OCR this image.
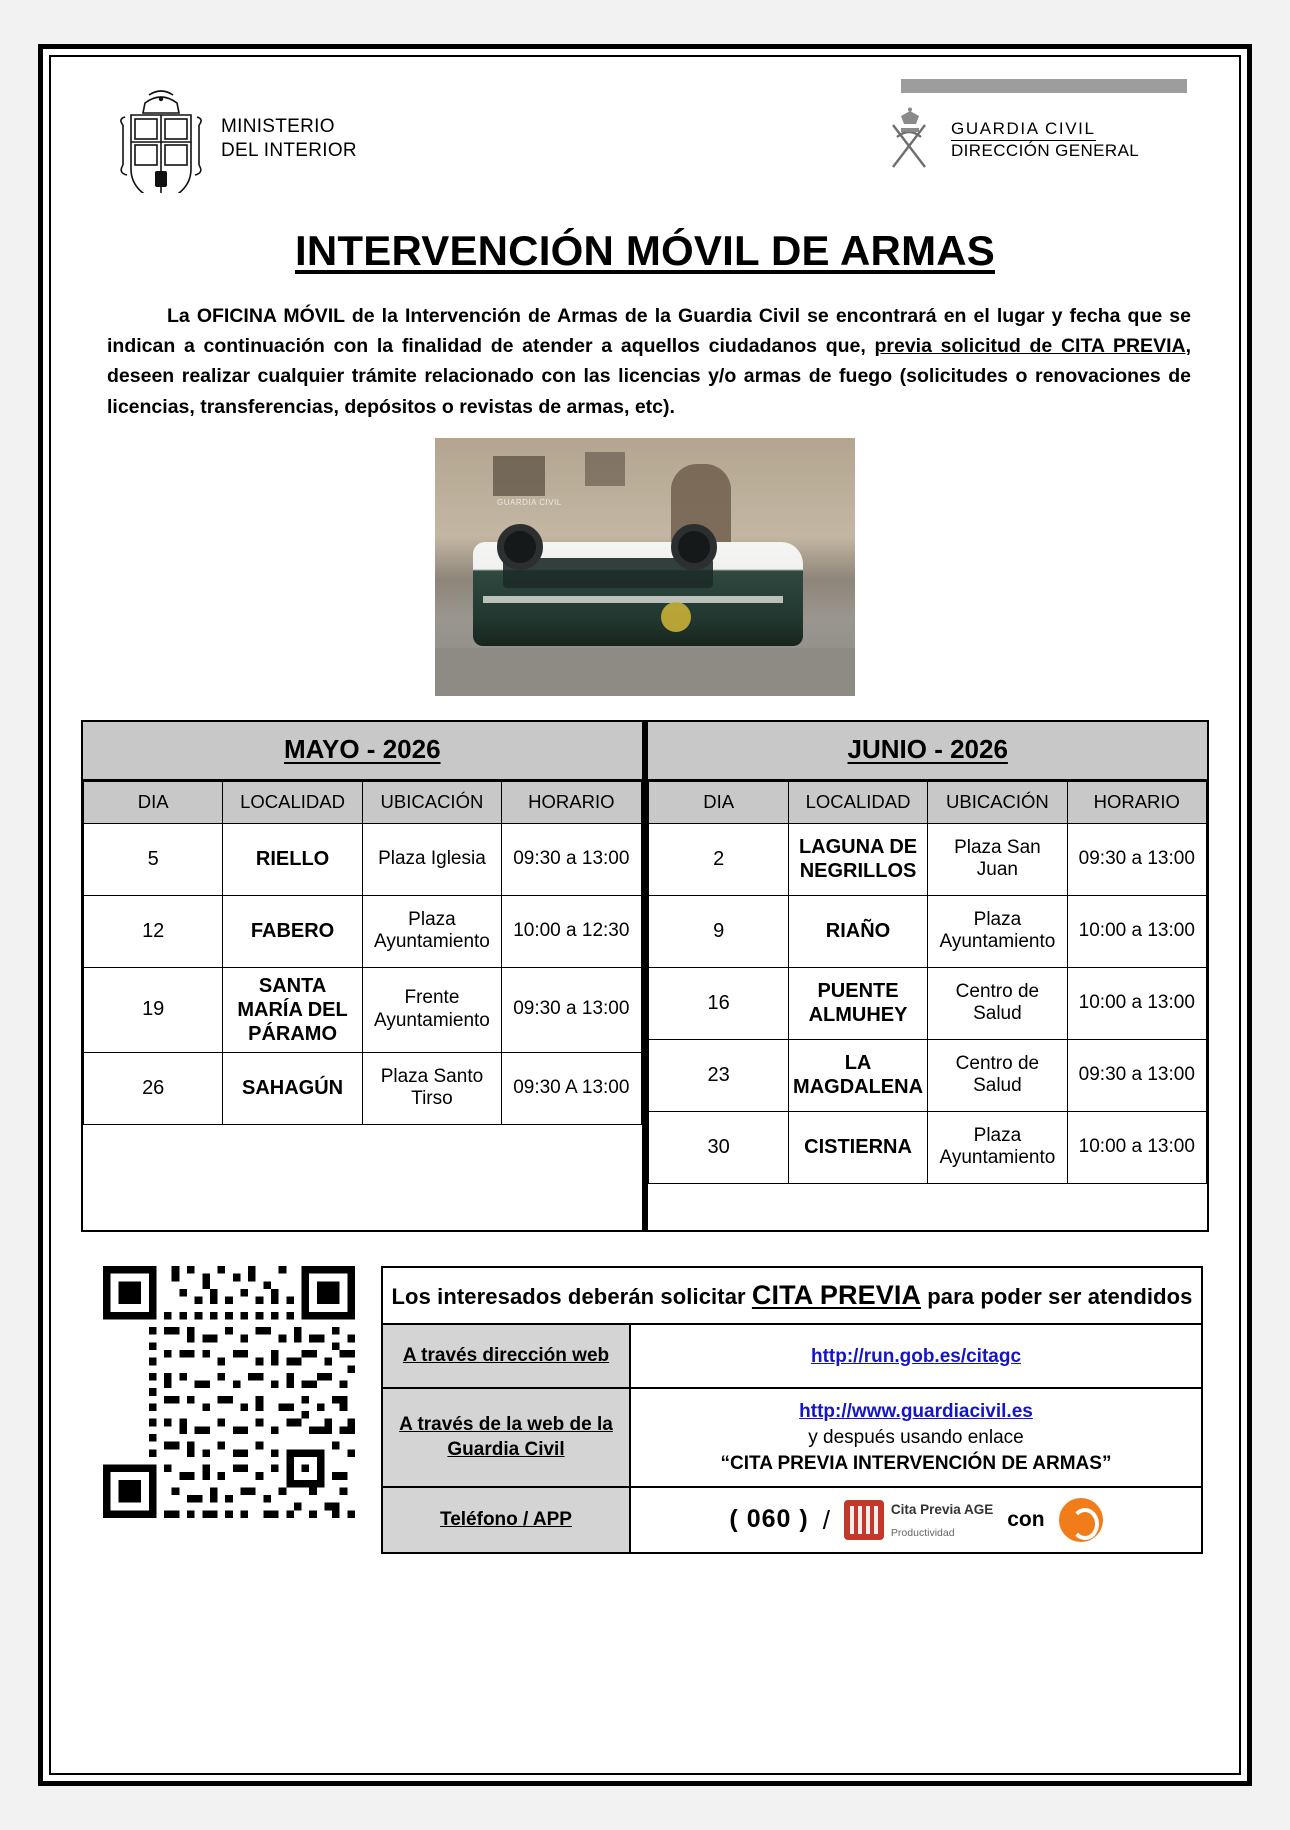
MINISTERIO
DEL INTERIOR
GUARDIA CIVIL
DIRECCIÓN GENERAL
INTERVENCIÓN MÓVIL DE ARMAS

La OFICINA MÓVIL de la Intervención de Armas de la Guardia Civil se encontrará en el lugar y fecha que se indican a continuación con la finalidad de atender a aquellos ciudadanos que, previa solicitud de CITA PREVIA, deseen realizar cualquier trámite relacionado con las licencias y/o armas de fuego (solicitudes o renovaciones de licencias, transferencias, depósitos o revistas de armas, etc).

GUARDIA CIVIL
MAYO - 2026
DIA	LOCALIDAD	UBICACIÓN	HORARIO
5	RIELLO	Plaza Iglesia	09:30 a 13:00
12	FABERO	Plaza Ayuntamiento	10:00 a 12:30
19	SANTA MARÍA DEL PÁRAMO	Frente Ayuntamiento	09:30 a 13:00
26	SAHAGÚN	Plaza Santo Tirso	09:30 A 13:00

JUNIO - 2026
DIA	LOCALIDAD	UBICACIÓN	HORARIO
2	LAGUNA DE NEGRILLOS	Plaza San Juan	09:30 a 13:00
9	RIAÑO	Plaza Ayuntamiento	10:00 a 13:00
16	PUENTE ALMUHEY	Centro de Salud	10:00 a 13:00
23	LA MAGDALENA	Centro de Salud	09:30 a 13:00
30	CISTIERNA	Plaza Ayuntamiento	10:00 a 13:00
Los interesados deberán solicitar CITA PREVIA para poder ser atendidos
A través dirección web	http://run.gob.es/citagc
A través de la web de la Guardia Civil
http://www.guardiacivil.es
y después usando enlace
“CITA PREVIA INTERVENCIÓN DE ARMAS”
Teléfono / APP	( 060 ) /	Cita Previa AGE
Productividad
con
